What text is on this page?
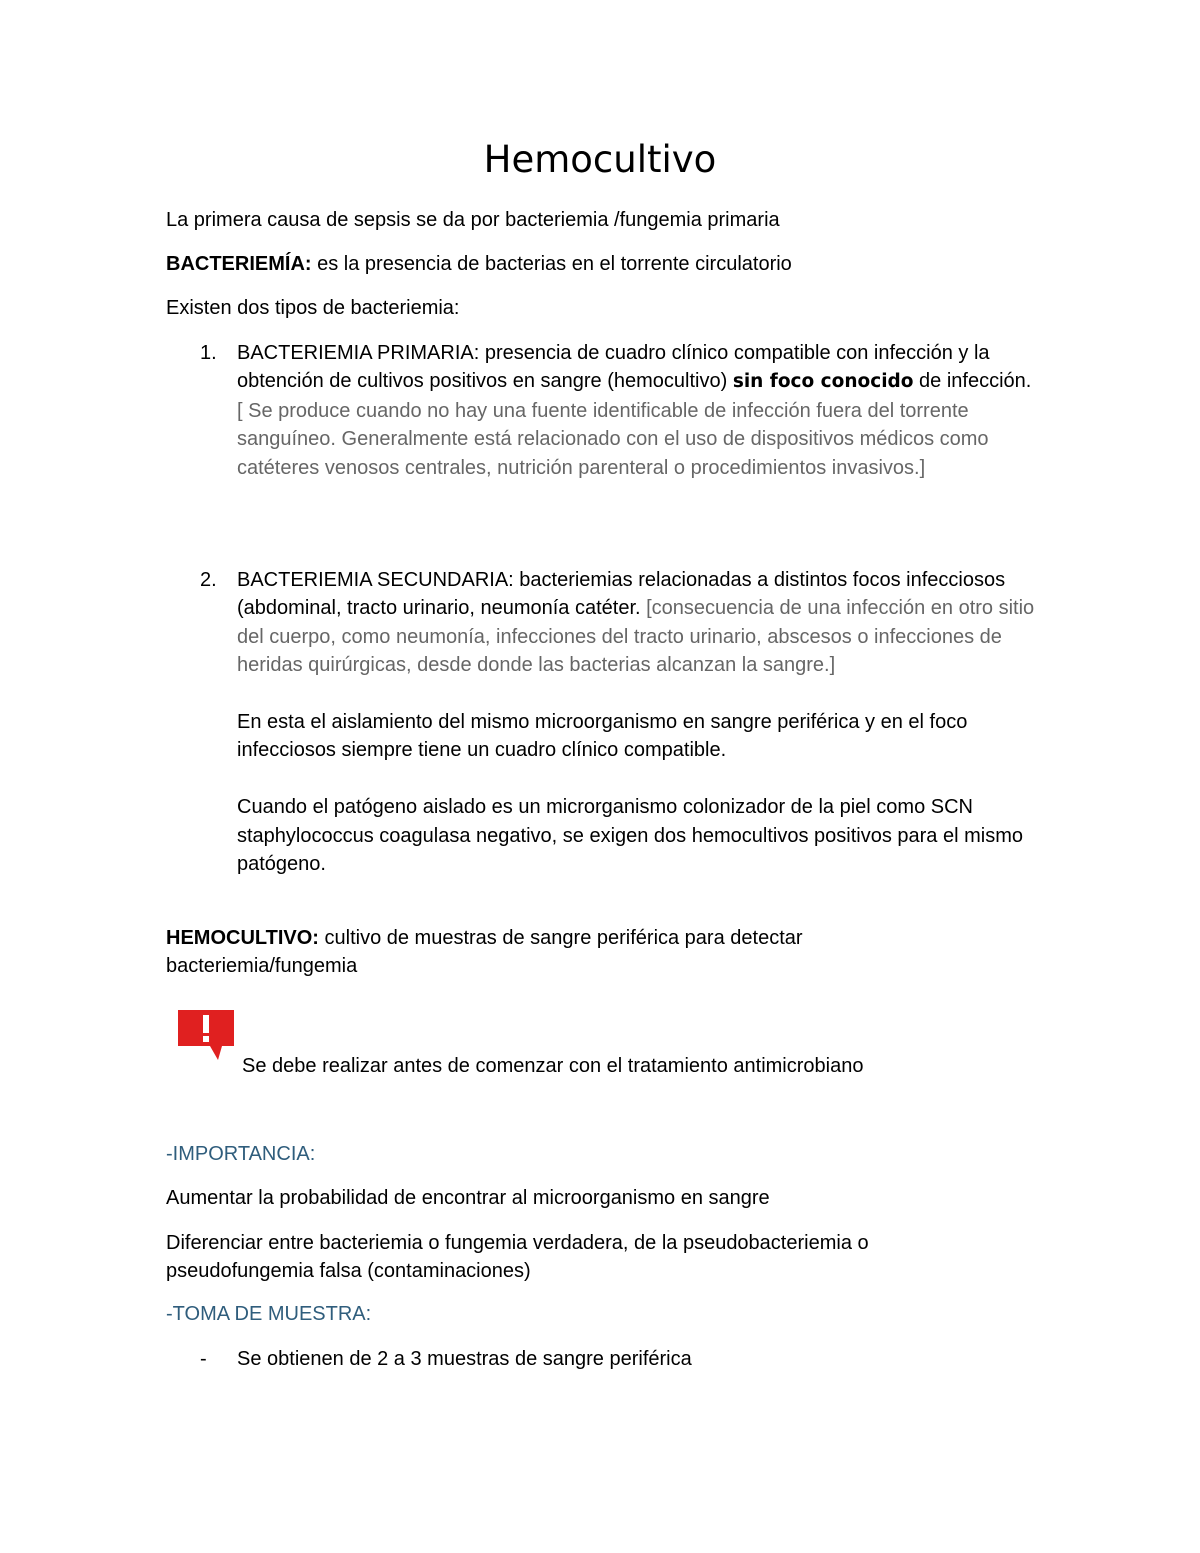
Hemocultivo

La primera causa de sepsis se da por bacteriemia /fungemia primaria

BACTERIEMÍA: es la presencia de bacterias en el torrente circulatorio

Existen dos tipos de bacteriemia:

1.	BACTERIEMIA PRIMARIA: presencia de cuadro clínico compatible con infección y la obtención de cultivos positivos en sangre (hemocultivo) sin foco conocido de infección.
[ Se produce cuando no hay una fuente identificable de infección fuera del torrente sanguíneo. Generalmente está relacionado con el uso de dispositivos médicos como catéteres venosos centrales, nutrición parenteral o procedimientos invasivos.]
2.	BACTERIEMIA SECUNDARIA: bacteriemias relacionadas a distintos focos infecciosos (abdominal, tracto urinario, neumonía catéter. [consecuencia de una infección en otro sitio del cuerpo, como neumonía, infecciones del tracto urinario, abscesos o infecciones de heridas quirúrgicas, desde donde las bacterias alcanzan la sangre.]

En esta el aislamiento del mismo microorganismo en sangre periférica y en el foco infecciosos siempre tiene un cuadro clínico compatible.

Cuando el patógeno aislado es un microrganismo colonizador de la piel como SCN staphylococcus coagulasa negativo, se exigen dos hemocultivos positivos para el mismo patógeno.

HEMOCULTIVO: cultivo de muestras de sangre periférica para detectar bacteriemia/fungemia

Se debe realizar antes de comenzar con el tratamiento antimicrobiano

-IMPORTANCIA:

Aumentar la probabilidad de encontrar al microorganismo en sangre

Diferenciar entre bacteriemia o fungemia verdadera, de la pseudobacteriemia o pseudofungemia falsa (contaminaciones)

-TOMA DE MUESTRA:

-	Se obtienen de 2 a 3 muestras de sangre periférica
